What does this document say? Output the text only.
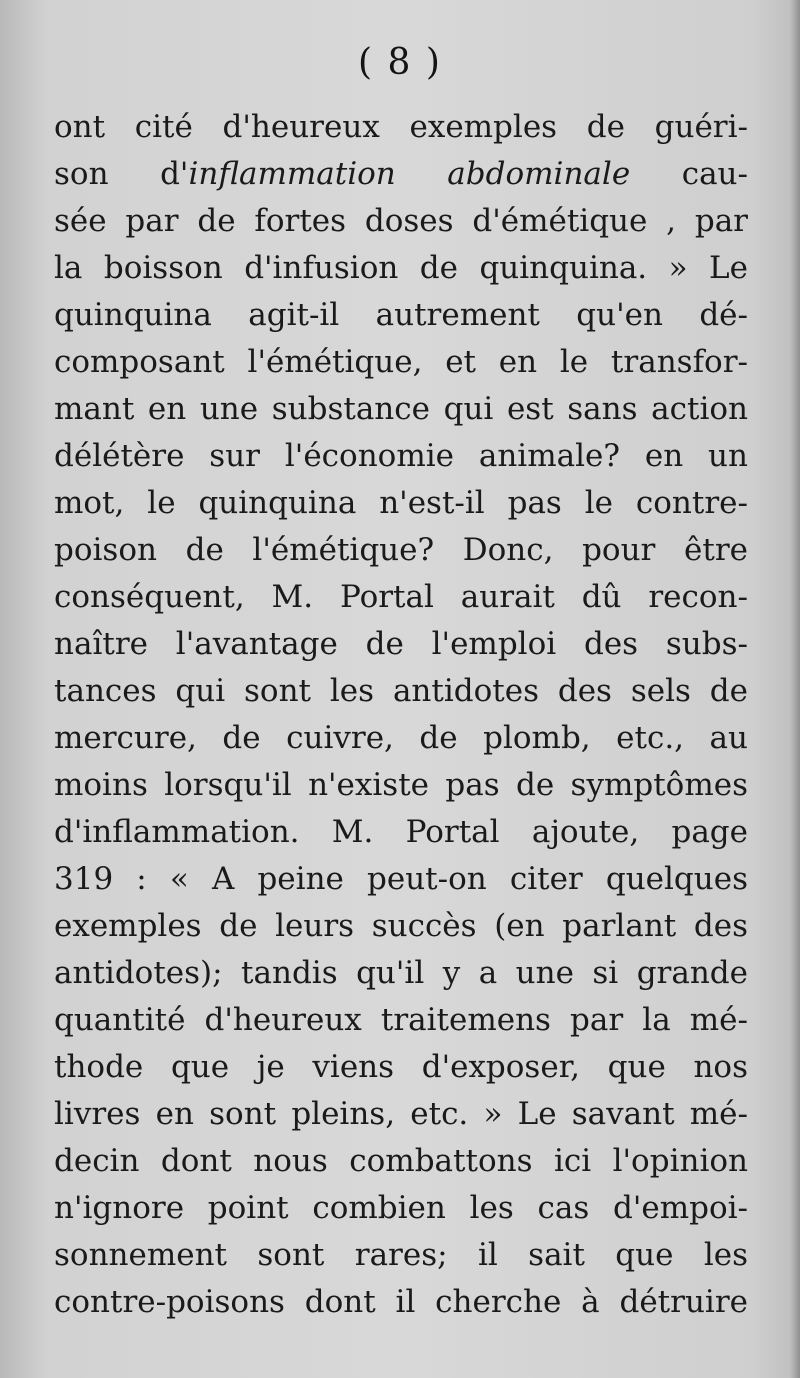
( 8 )
ont cité d'heureux exemples de guéri-
son d'inflammation abdominale cau-
sée par de fortes doses d'émétique , par
la boisson d'infusion de quinquina. » Le
quinquina agit-il autrement qu'en dé-
composant l'émétique, et en le transfor-
mant en une substance qui est sans action
délétère sur l'économie animale? en un
mot, le quinquina n'est-il pas le contre-
poison de l'émétique? Donc, pour être
conséquent, M. Portal aurait dû recon-
naître l'avantage de l'emploi des subs-
tances qui sont les antidotes des sels de
mercure, de cuivre, de plomb, etc., au
moins lorsqu'il n'existe pas de symptômes
d'inflammation. M. Portal ajoute, page
319 : « A peine peut-on citer quelques
exemples de leurs succès (en parlant des
antidotes); tandis qu'il y a une si grande
quantité d'heureux traitemens par la mé-
thode que je viens d'exposer, que nos
livres en sont pleins, etc. » Le savant mé-
decin dont nous combattons ici l'opinion
n'ignore point combien les cas d'empoi-
sonnement sont rares; il sait que les
contre-poisons dont il cherche à détruire
